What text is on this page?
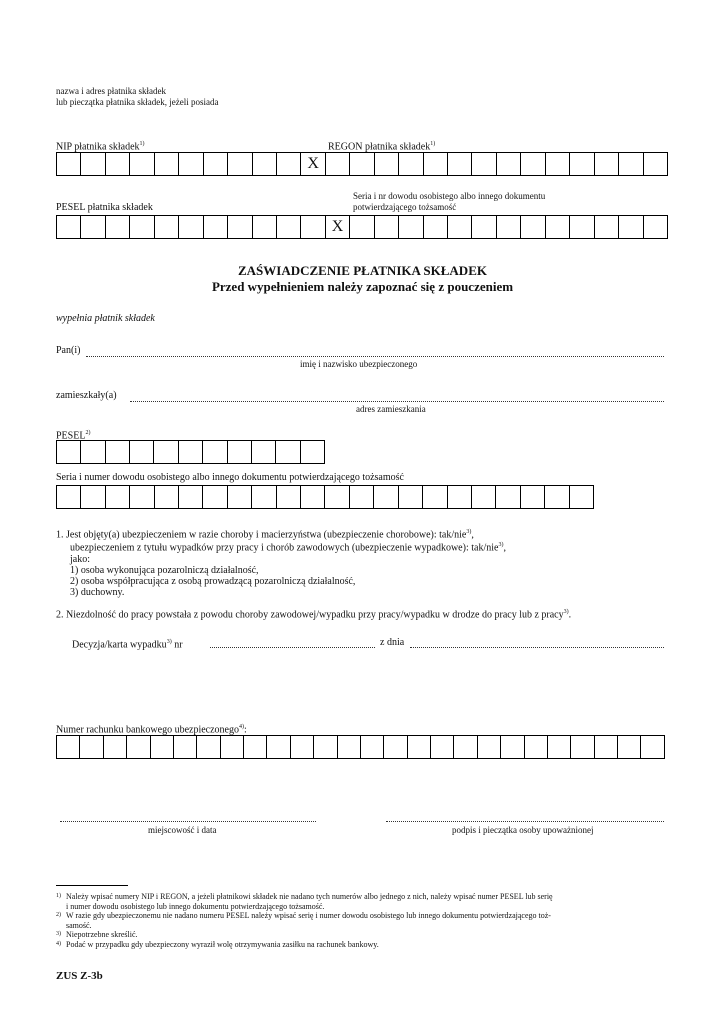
nazwa i adres płatnika składek
lub pieczątka płatnika składek, jeżeli posiada
NIP płatnika składek$^{1)}$	REGON płatnika składek$^{1)}$
X
Seria i nr dowodu osobistego albo innego dokumentu
potwierdzającego tożsamość
PESEL płatnika składek
X
ZAŚWIADCZENIE PŁATNIKA SKŁADEK
Przed wypełnieniem należy zapoznać się z pouczeniem
wypełnia płatnik składek
Pan(i)
imię i nazwisko ubezpieczonego
zamieszkały(a)
adres zamieszkania
PESEL$^{2)}$
Seria i numer dowodu osobistego albo innego dokumentu potwierdzającego tożsamość
1. Jest objęty(a) ubezpieczeniem w razie choroby i macierzyństwa (ubezpieczenie chorobowe): tak/nie$^{3)}$,
ubezpieczeniem z tytułu wypadków przy pracy i chorób zawodowych (ubezpieczenie wypadkowe): tak/nie$^{3)}$,
jako:
1) osoba wykonująca pozarolniczą działalność,
2) osoba współpracująca z osobą prowadzącą pozarolniczą działalność,
3) duchowny.
2. Niezdolność do pracy powstała z powodu choroby zawodowej/wypadku przy pracy/wypadku w drodze do pracy lub z pracy$^{3)}$.
Decyzja/karta wypadku$^{3)}$ nr	z dnia
Numer rachunku bankowego ubezpieczonego$^{4)}$:
miejscowość i data	podpis i pieczątka osoby upoważnionej
1) Należy wpisać numery NIP i REGON, a jeżeli płatnikowi składek nie nadano tych numerów albo jednego z nich, należy wpisać numer PESEL lub serię
i numer dowodu osobistego lub innego dokumentu potwierdzającego tożsamość.
2) W razie gdy ubezpieczonemu nie nadano numeru PESEL należy wpisać serię i numer dowodu osobistego lub innego dokumentu potwierdzającego toż-
samość.
3) Niepotrzebne skreślić.
4) Podać w przypadku gdy ubezpieczony wyraził wolę otrzymywania zasiłku na rachunek bankowy.
ZUS Z-3b
